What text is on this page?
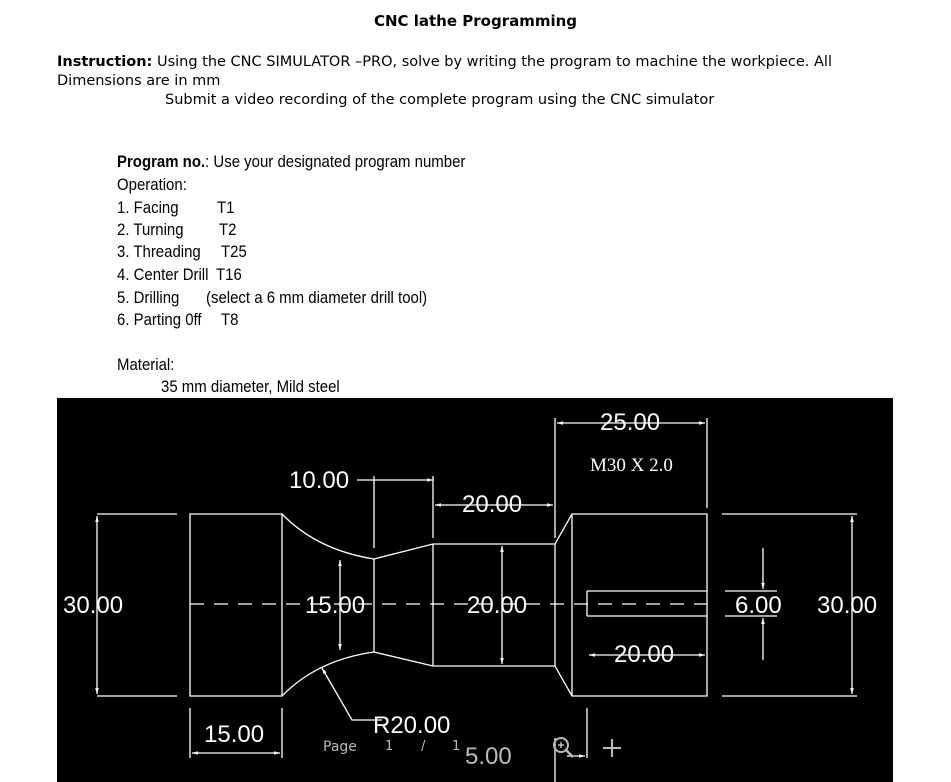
CNC lathe Programming
Instruction: Using the CNC SIMULATOR –PRO, solve by writing the program to machine the workpiece. All Dimensions are in mm
Submit a video recording of the complete program using the CNC simulator
Program no.: Use your designated program number
Operation:
1. Facing T1
2. Turning T2
3. Threading T25
4. Center Drill T16
5. Drilling (select a 6 mm diameter drill tool)
6. Parting 0ff T8
Material:
35 mm diameter, Mild steel
30.00	30.00
15.00
10.00
15.00
R20.00
20.00
20.00
25.00
M30 X 2.0
6.00
20.00
5.00
Page 1 / 1
